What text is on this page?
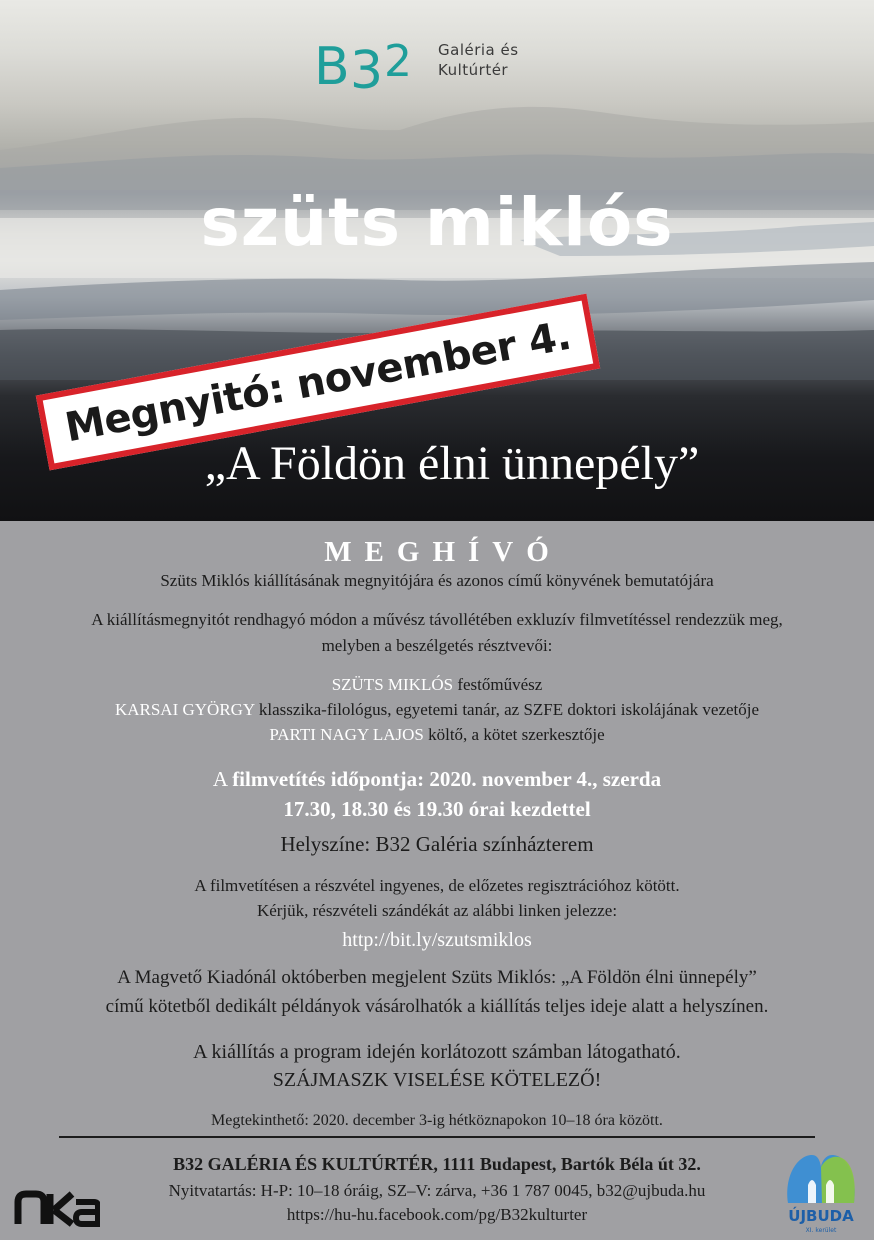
B 3 2 Galéria és
Kultúrtér
szüts miklós
Megnyitó: november 4.
„A Földön élni ünnepély”
MEGHÍVÓ
Szüts Miklós kiállításának megnyitójára és azonos című könyvének bemutatójára
A kiállításmegnyitót rendhagyó módon a művész távollétében exkluzív filmvetítéssel rendezzük meg,
melyben a beszélgetés résztvevői:
SZÜTS MIKLÓS festőművész
KARSAI GYÖRGY klasszika-filológus, egyetemi tanár, az SZFE doktori iskolájának vezetője
PARTI NAGY LAJOS költő, a kötet szerkesztője
A filmvetítés időpontja: 2020. november 4., szerda
17.30, 18.30 és 19.30 órai kezdettel
Helyszíne: B32 Galéria színházterem
A filmvetítésen a részvétel ingyenes, de előzetes regisztrációhoz kötött.
Kérjük, részvételi szándékát az alábbi linken jelezze:
http://bit.ly/szutsmiklos
A Magvető Kiadónál októberben megjelent Szüts Miklós: „A Földön élni ünnepély”
című kötetből dedikált példányok vásárolhatók a kiállítás teljes ideje alatt a helyszínen.
A kiállítás a program idején korlátozott számban látogatható.
SZÁJMASZK VISELÉSE KÖTELEZŐ!
Megtekinthető: 2020. december 3-ig hétköznapokon 10–18 óra között.
B32 GALÉRIA ÉS KULTÚRTÉR, 1111 Budapest, Bartók Béla út 32.
Nyitvatartás: H-P: 10–18 óráig, SZ–V: zárva, +36 1 787 0045, b32@ujbuda.hu
https://hu-hu.facebook.com/pg/B32kulturter	ÚJBUDA
XI. kerület
